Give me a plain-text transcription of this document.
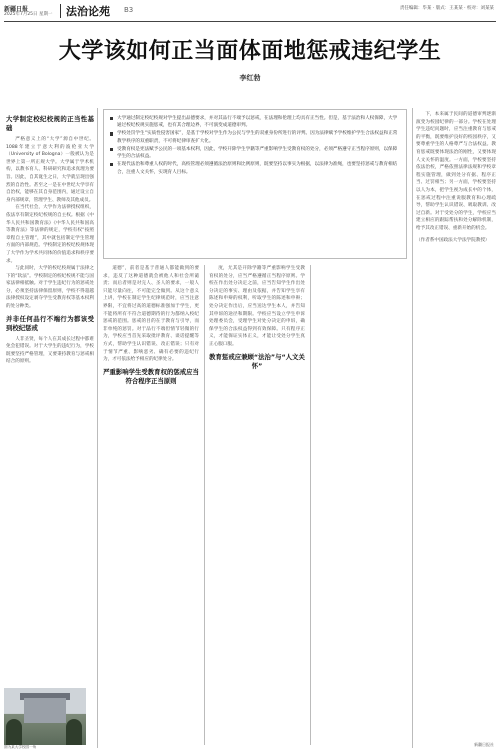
新疆日报
2025年7月25日 星期一 法治论苑 B3	责任编辑：毕某 · 版式：王某某 · 校对：刘某某
大学该如何正当面体面地惩戒违纪学生
李红勃
大学制定校纪校规的正当性基础

严格意义上的“大学”源自中世纪。1088年建立于意大利的波伦亚大学（University of Bologna）一般被认为是世界上第一所正规大学。大学属于学术机构，以教书育人、科研研究和追求真理为要旨。因此，自其诞生之日，大学就呈现出强烈的自治性。甚至之一是在中世纪大学享有自治权，能够在其自身范围内，通过设立自身内部规章，管理学生、教师及其他成员。

在当代社会，大学作为法律授权组织，依法享有制定校纪校规的自主权。根据《中华人民共和国教育法》《中华人民共和国高等教育法》等法律的规定，学校有权“按照章程自主管理”，其中就包括制定学生管理方面的内部规范。学校制定的校纪校规体现了大学作为学术共同体的价值追求和秩序要求。

与此同时，大学的校纪校规属于法律之下的“软法”。学校制定的校纪校规不能与国家法律相抵触。对于学生违纪行为的惩戒处分，必须坚持法律保留原则，学校不得超越法律授权设定剥夺学生受教育权等基本权利的处分种类。

并非任何品行不端行为都该受到校纪惩戒

人非圣贤，每个人在其成长过程中都难免会犯错误。对于大学生的违纪行为，学校既要坚持严格管理，又要秉持教育与惩戒相结合的原则。

大学通过制定校纪校规对学生提出品德要求，并对其品行不端予以惩戒，在法理和伦理上均具有正当性。但是，基于法治和人权保障，大学通过校纪校规实施惩戒，也有其合理边界，不可演变成道德审判。
学校处罚学生“实质性侵害国家”，是基于学校对学生作为公民与学生的双重身份所进行的评判。因为法律赋予学校维护学生合法权益和正常教学秩序的双重职责，不可将纪律审查扩大化。
受教育权是宪法赋予公民的一项基本权利，因此，学校开除学生学籍等严重影响学生受教育权的处分，必须严格遵守正当程序原则，以保障学生的合法权益。
在现代法治和尊重人权的时代，高校管理必须遵循法治原则和比例原则，既要坚持以事实为根据，以法律为准绳，也要坚持惩戒与教育相结合，注重人文关怀，实现育人目标。

道德”，前者是基于普通人都能做到的要求，违反了这种道德就会被他人和社会所谴责；而后者则是对完人、圣人的要求，一般人只能尽量向往，不可能完全做到。从这个意义上讲，学校在制定学生纪律规范时，应当注意界限，不宜将过高的道德标准强加于学生，更不能将所有不符合道德期待的行为都纳入校纪惩戒的范围。惩戒的目的在于教育与引导，而非单纯的惩罚。对于品行不端但情节轻微的行为，学校应当首先采取批评教育、谈话提醒等方式，帮助学生认识错误、改正错误；只有对于情节严重、影响恶劣、确有必要的违纪行为，才可依法给予相应的纪律处分。

严重影响学生受教育权的惩戒应当符合程序正当原则

度，尤其是开除学籍等严重影响学生受教育权的处分，应当严格遵循正当程序原则。学校在作出处分决定之前，应当告知学生作出处分决定的事实、理由及依据，并告知学生享有陈述和申辩的权利，听取学生的陈述和申辩；处分决定作出后，应当送达学生本人，并告知其申诉的途径和期限。学校应当设立学生申诉处理委员会，受理学生对处分决定的申诉，确保学生的合法权益得到有效保障。只有程序正义，才能保证实体正义，才能让受处分学生真正心服口服。

教育惩戒应兼顾“法治”与“人文关怀”

下，本来属于民间的道德审判逐渐演变为校园纪律的一部分。学校在处理学生违纪问题时，应当注重教育与惩戒的平衡，既要维护良好的校园秩序，又要尊重学生的人格尊严与合法权益。教育惩戒既要体现法治的刚性，又要体现人文关怀的温度。一方面，学校要坚持依法治校，严格依照法律法规和学校章程实施管理，做到处分有据、程序正当、过罚相当；另一方面，学校要坚持以人为本，把学生视为成长中的个体，在惩戒过程中注重说服教育和心理疏导，帮助学生认识错误、吸取教训、改过自新。对于受处分的学生，学校应当建立相应的跟踪帮扶和处分解除机制，给予其改正错误、重新开始的机会。

（作者系中国政法大学法学院教授）

图为某大学校园一角	新疆日报社
